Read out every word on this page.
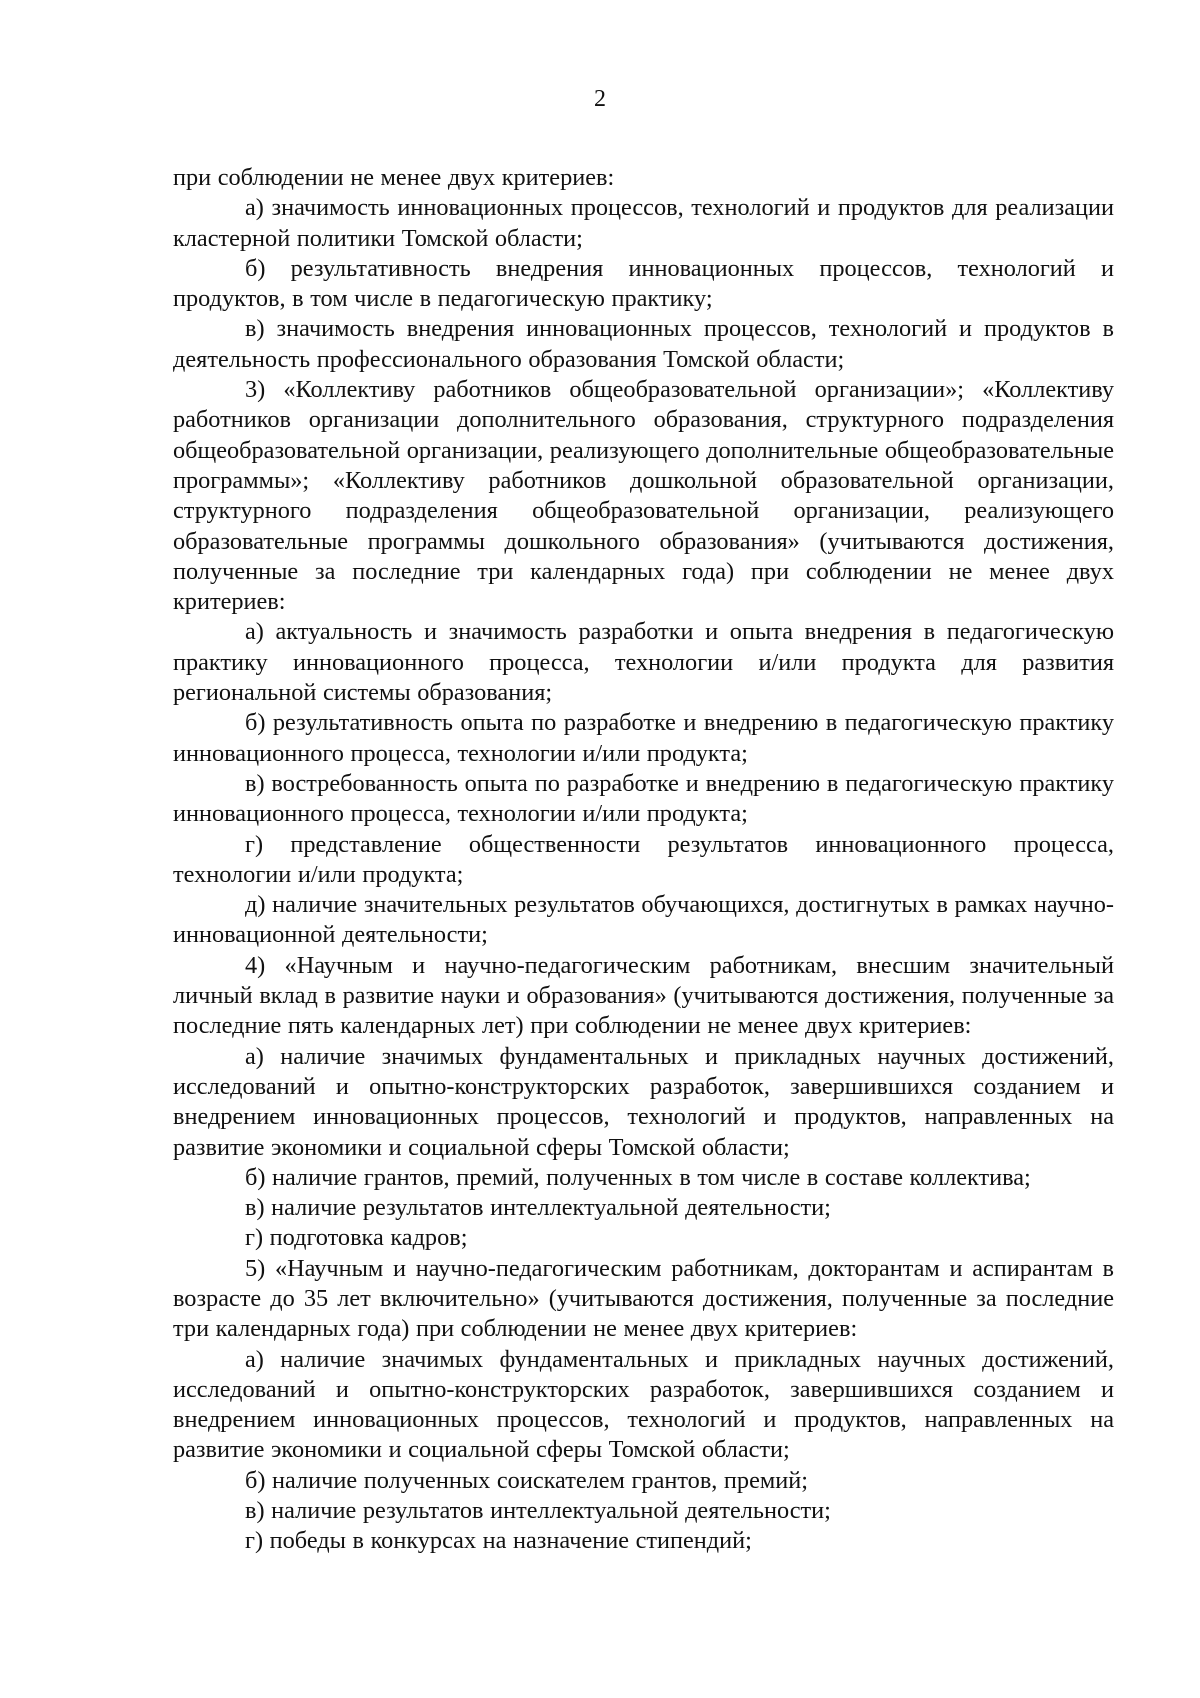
2

при соблюдении не менее двух критериев:

а) значимость инновационных процессов, технологий и продуктов для реализации кластерной политики Томской области;

б) результативность внедрения инновационных процессов, технологий и продуктов, в том числе в педагогическую практику;

в) значимость внедрения инновационных процессов, технологий и продуктов в деятельность профессионального образования Томской области;

3) «Коллективу работников общеобразовательной организации»; «Коллективу работников организации дополнительного образования, структурного подразделения общеобразовательной организации, реализующего дополнительные общеобразовательные программы»; «Коллективу работников дошкольной образовательной организации, структурного подразделения общеобразовательной организации, реализующего образовательные программы дошкольного образования» (учитываются достижения, полученные за последние три календарных года) при соблюдении не менее двух критериев:

а) актуальность и значимость разработки и опыта внедрения в педагогическую практику инновационного процесса, технологии и/или продукта для развития региональной системы образования;

б) результативность опыта по разработке и внедрению в педагогическую практику инновационного процесса, технологии и/или продукта;

в) востребованность опыта по разработке и внедрению в педагогическую практику инновационного процесса, технологии и/или продукта;

г) представление общественности результатов инновационного процесса, технологии и/или продукта;

д) наличие значительных результатов обучающихся, достигнутых в рамках научно-инновационной деятельности;

4) «Научным и научно-педагогическим работникам, внесшим значительный личный вклад в развитие науки и образования» (учитываются достижения, полученные за последние пять календарных лет) при соблюдении не менее двух критериев:

а) наличие значимых фундаментальных и прикладных научных достижений, исследований и опытно-конструкторских разработок, завершившихся созданием и внедрением инновационных процессов, технологий и продуктов, направленных на развитие экономики и социальной сферы Томской области;

б) наличие грантов, премий, полученных в том числе в составе коллектива;

в) наличие результатов интеллектуальной деятельности;

г) подготовка кадров;

5) «Научным и научно-педагогическим работникам, докторантам и аспирантам в возрасте до 35 лет включительно» (учитываются достижения, полученные за последние три календарных года) при соблюдении не менее двух критериев:

а) наличие значимых фундаментальных и прикладных научных достижений, исследований и опытно-конструкторских разработок, завершившихся созданием и внедрением инновационных процессов, технологий и продуктов, направленных на развитие экономики и социальной сферы Томской области;

б) наличие полученных соискателем грантов, премий;

в) наличие результатов интеллектуальной деятельности;

г) победы в конкурсах на назначение стипендий;
